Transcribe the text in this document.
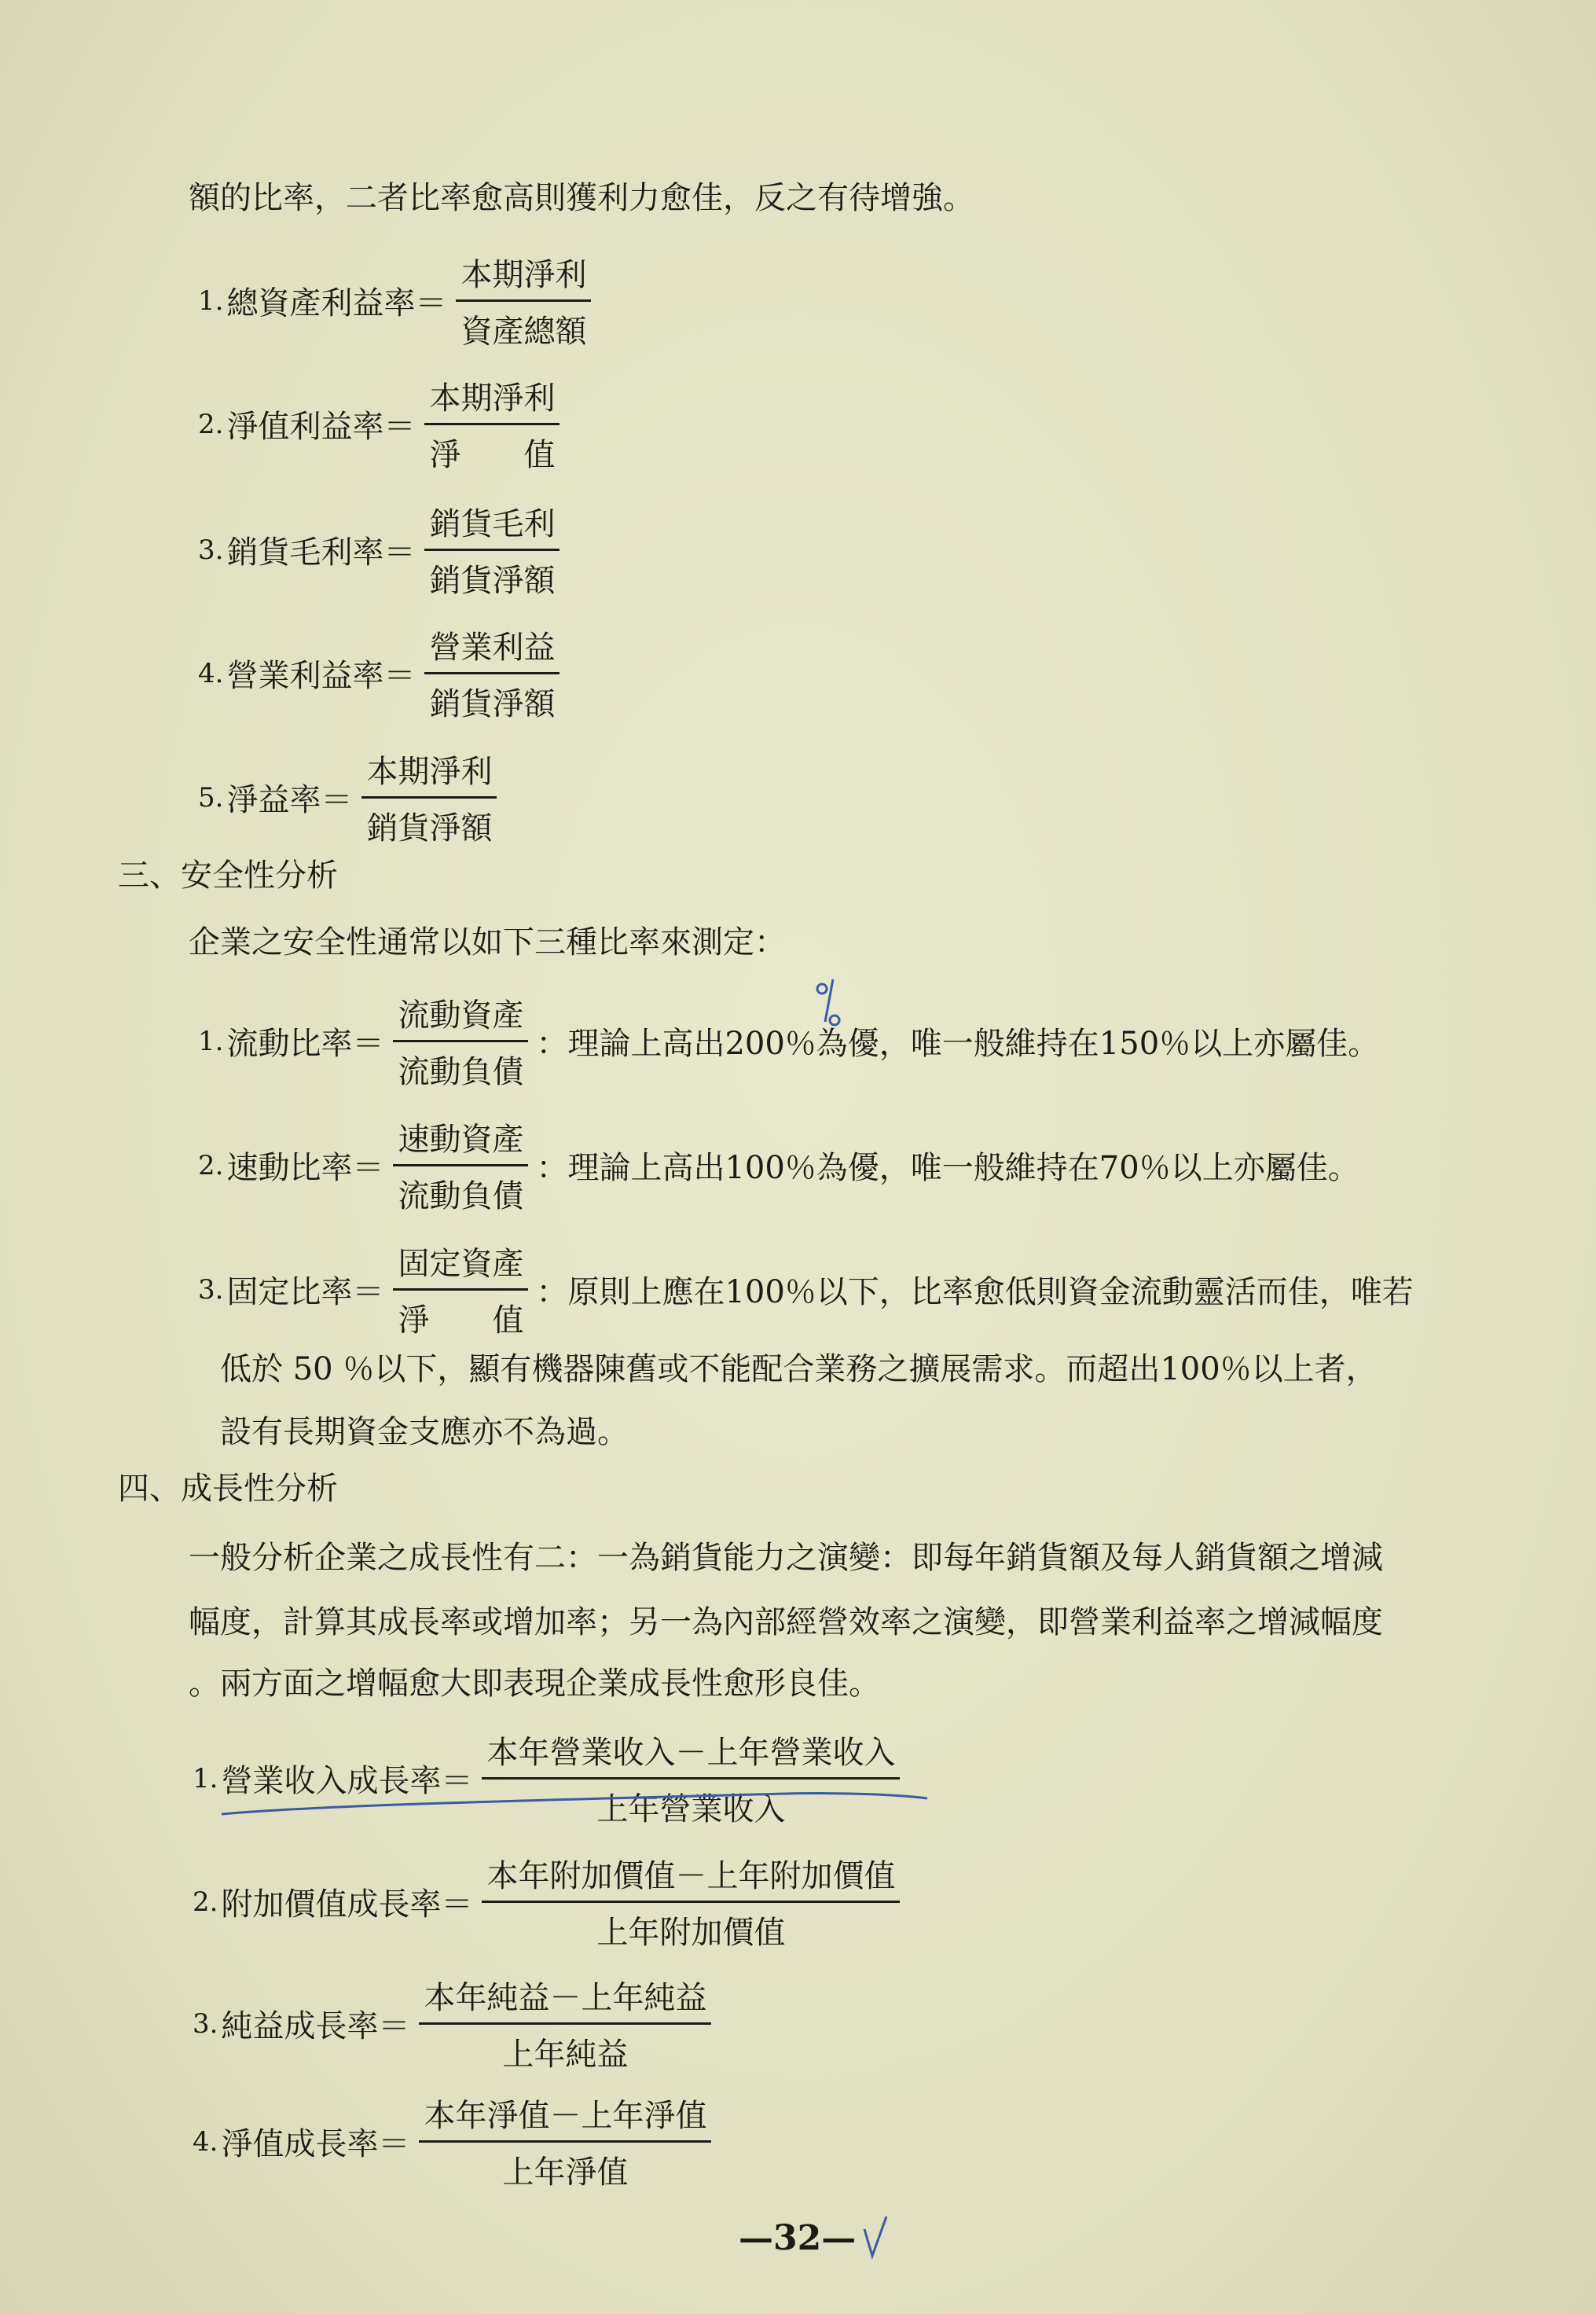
額的比率，二者比率愈高則獲利力愈佳，反之有待增強。
1. 總資產利益率＝ $\frac{\text{本期淨利}}{\text{資產總額}}$
2. 淨值利益率＝ $\frac{\text{本期淨利}}{\text{淨　　值}}$
3. 銷貨毛利率＝ $\frac{\text{銷貨毛利}}{\text{銷貨淨額}}$
4. 營業利益率＝ $\frac{\text{營業利益}}{\text{銷貨淨額}}$
5. 淨益率＝ $\frac{\text{本期淨利}}{\text{銷貨淨額}}$
三、安全性分析
企業之安全性通常以如下三種比率來測定：
1. 流動比率＝ $\frac{\text{流動資產}}{\text{流動負債}}$ ：理論上高出200％為優，唯一般維持在150％以上亦屬佳。
2. 速動比率＝ $\frac{\text{速動資產}}{\text{流動負債}}$ ：理論上高出100％為優，唯一般維持在70％以上亦屬佳。
3. 固定比率＝ $\frac{\text{固定資產}}{\text{淨　　值}}$ ：原則上應在100％以下，比率愈低則資金流動靈活而佳，唯若
低於 50 ％以下，顯有機器陳舊或不能配合業務之擴展需求。而超出100％以上者，
設有長期資金支應亦不為過。
四、成長性分析
一般分析企業之成長性有二：一為銷貨能力之演變：即每年銷貨額及每人銷貨額之增減
幅度，計算其成長率或增加率；另一為內部經營效率之演變，即營業利益率之增減幅度
。兩方面之增幅愈大即表現企業成長性愈形良佳。
1. 營業收入成長率＝ $\frac{\text{本年營業收入－上年營業收入}}{\text{上年營業收入}}$
2. 附加價值成長率＝ $\frac{\text{本年附加價值－上年附加價值}}{\text{上年附加價值}}$
3. 純益成長率＝ $\frac{\text{本年純益－上年純益}}{\text{上年純益}}$
4. 淨值成長率＝ $\frac{\text{本年淨值－上年淨值}}{\text{上年淨值}}$
—32—
